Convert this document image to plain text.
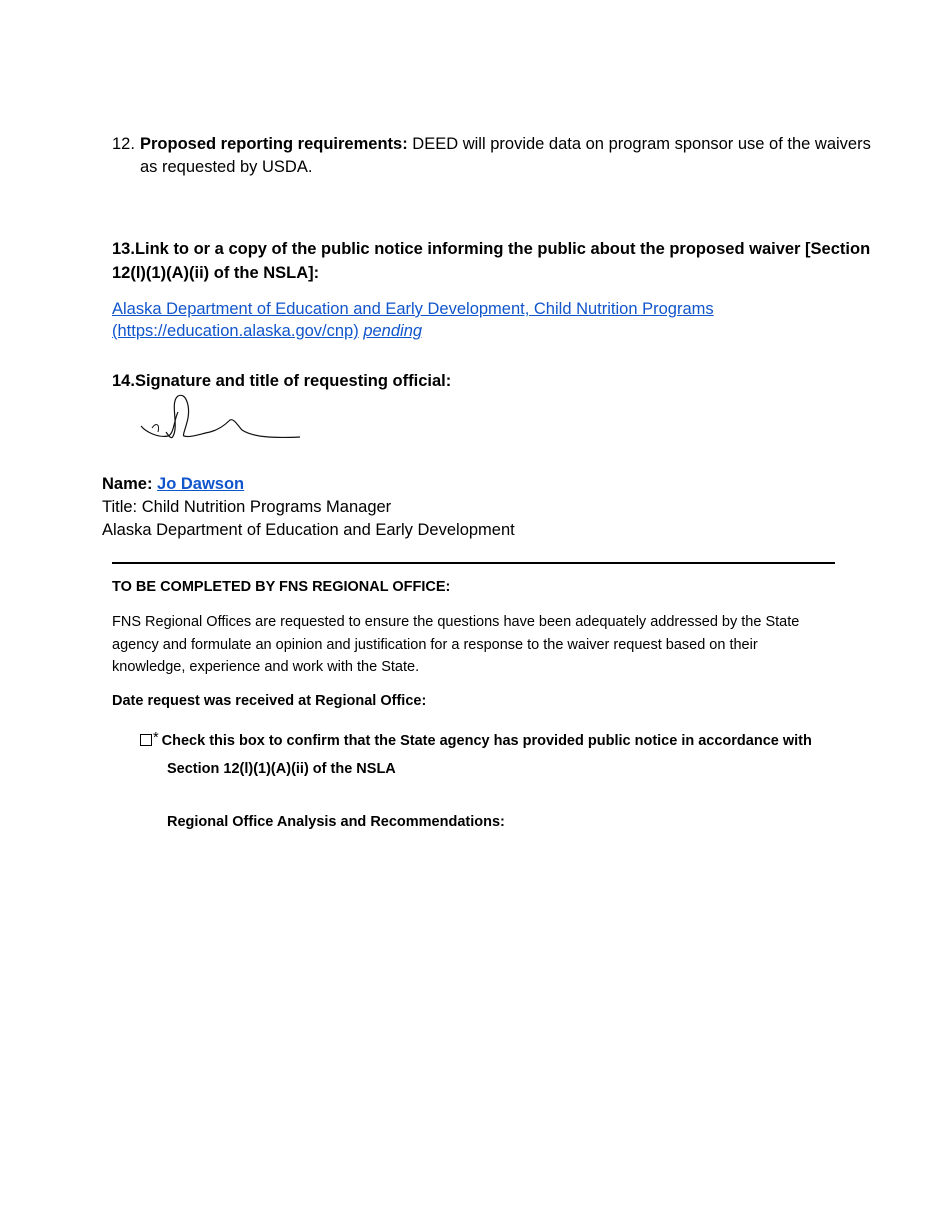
12. Proposed reporting requirements: DEED will provide data on program sponsor use of the waivers as requested by USDA.
13.Link to or a copy of the public notice informing the public about the proposed waiver [Section 12(l)(1)(A)(ii) of the NSLA]:
Alaska Department of Education and Early Development, Child Nutrition Programs (https://education.alaska.gov/cnp) pending
14.Signature and title of requesting official:
Name: Jo Dawson
Title: Child Nutrition Programs Manager
Alaska Department of Education and Early Development
TO BE COMPLETED BY FNS REGIONAL OFFICE:
FNS Regional Offices are requested to ensure the questions have been adequately addressed by the State agency and formulate an opinion and justification for a response to the waiver request based on their knowledge, experience and work with the State.
Date request was received at Regional Office:
* Check this box to confirm that the State agency has provided public notice in accordance with
Section 12(l)(1)(A)(ii) of the NSLA
Regional Office Analysis and Recommendations:
